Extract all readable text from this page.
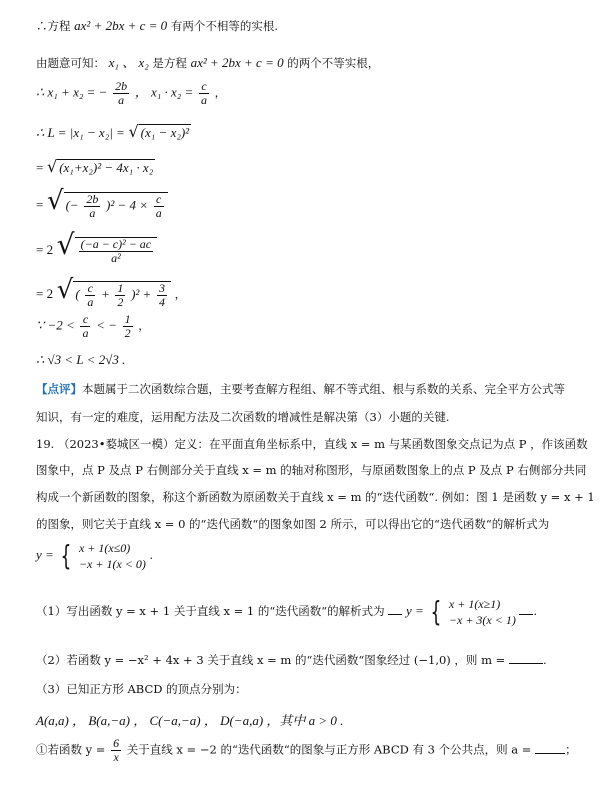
∴方程 ax² + 2bx + c = 0 有两个不相等的实根.
由题意可知： x₁ 、 x₂ 是方程 ax² + 2bx + c = 0 的两个不等实根，
∴ x₁ + x₂ = − $\frac{2b}{a}$ ， $x_1 \cdot x_2 = \frac{c}{a}$ ，
∴ L = |x₁ − x₂| = √ (x₁ − x₂)²
= √ (x₁+x₂)² − 4x₁ · x₂
= √ (− $\frac{2b}{a} )^2 - 4 \times \frac{c}{a}$
= 2 √ $\frac{\text{(−a − c)² − ac}}{\text{a²}}$
= 2 √ ( $\frac{c}{a} + \frac{1}{2} )^2 + \frac{3}{4}$ ，
∵ $-2 < \frac{c}{a}$ < − $\frac{1}{2}$ ，
∴ √3 < L < 2√3 .
【点评】本题属于二次函数综合题，主要考查解方程组、解不等式组、根与系数的关系、完全平方公式等
知识，有一定的难度，运用配方法及二次函数的增减性是解决第（3）小题的关键.
19. （2023•婺城区一模）定义：在平面直角坐标系中，直线 x = m 与某函数图象交点记为点 P ，作该函数
图象中，点 P 及点 P 右侧部分关于直线 x = m 的轴对称图形，与原函数图象上的点 P 及点 P 右侧部分共同
构成一个新函数的图象，称这个新函数为原函数关于直线 x = m 的“迭代函数“. 例如：图 1 是函数 y = x + 1
的图象，则它关于直线 x = 0 的“迭代函数“的图象如图 2 所示，可以得出它的“迭代函数“的解析式为
y = { x + 1(x≤0)
−x + 1(x < 0)
.
（1）写出函数 y = x + 1 关于直线 x = 1 的“迭代函数“的解析式为 y = { x + 1(x≥1)
−x + 3(x < 1)
.
（2）若函数 y = −x² + 4x + 3 关于直线 x = m 的“迭代函数“图象经过 (−1,0) ，则 m =	.
（3）已知正方形 ABCD 的顶点分别为：
A(a,a) ， B(a,−a) ， C(−a,−a) ， D(−a,a) ，其中 a > 0 .
①若函数 $y = \frac{6}{x}$ 关于直线 x = −2 的“迭代函数“的图象与正方形 ABCD 有 3 个公共点，则 a =	；
